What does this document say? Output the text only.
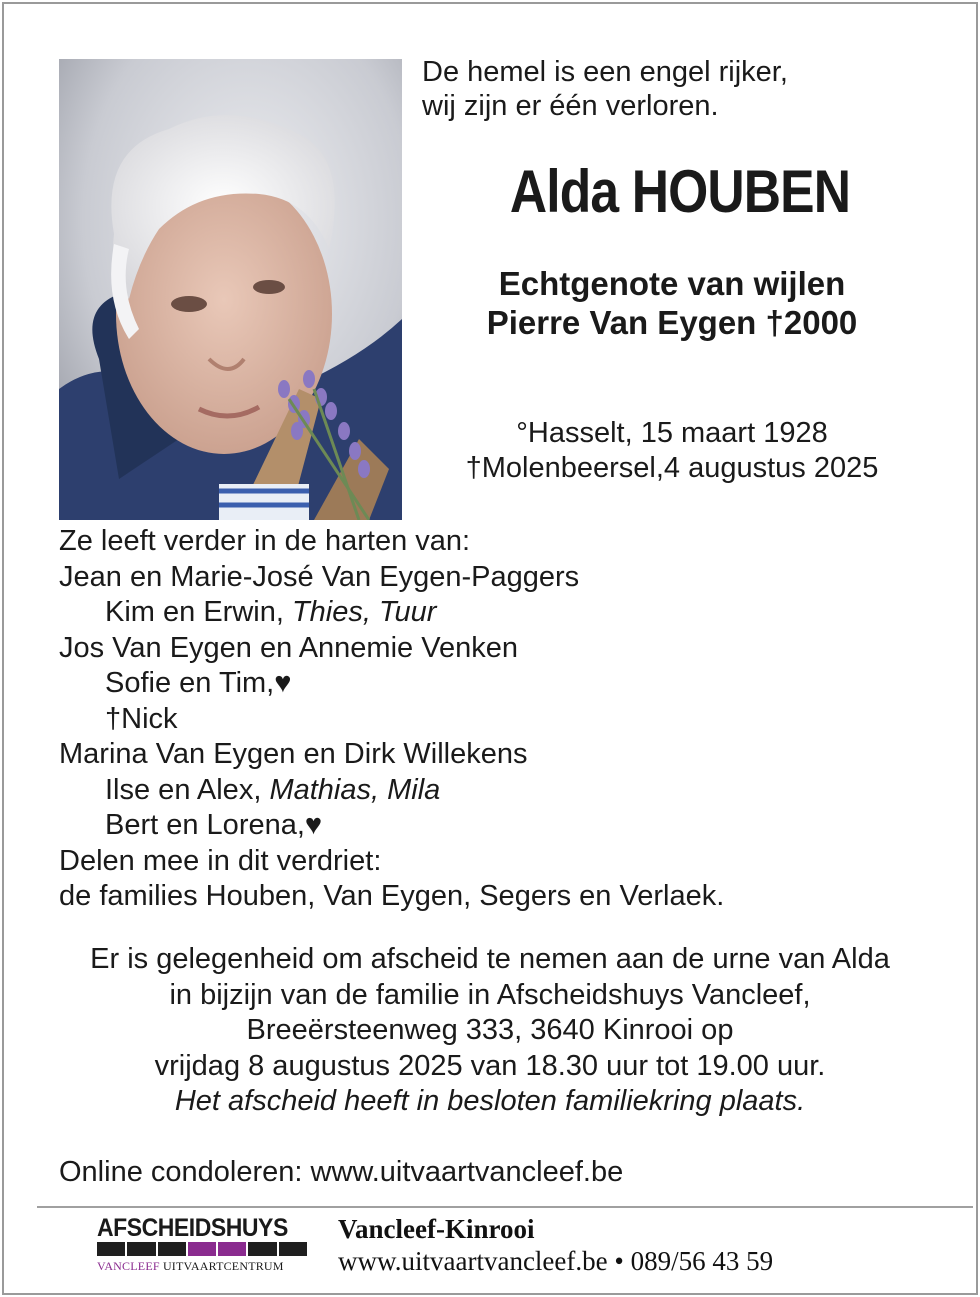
De hemel is een engel rijker,
wij zijn er één verloren.
Alda HOUBEN
Echtgenote van wijlen
Pierre Van Eygen †2000
°Hasselt, 15 maart 1928
†Molenbeersel,4 augustus 2025
Ze leeft verder in de harten van:
Jean en Marie-José Van Eygen-Paggers
Kim en Erwin, Thies, Tuur
Jos Van Eygen en Annemie Venken
Sofie en Tim,♥
†Nick
Marina Van Eygen en Dirk Willekens
Ilse en Alex, Mathias, Mila
Bert en Lorena,♥
Delen mee in dit verdriet:
de families Houben, Van Eygen, Segers en Verlaek.
Er is gelegenheid om afscheid te nemen aan de urne van Alda
in bijzijn van de familie in Afscheidshuys Vancleef,
Breeërsteenweg 333, 3640 Kinrooi op
vrijdag 8 augustus 2025 van 18.30 uur tot 19.00 uur.
Het afscheid heeft in besloten familiekring plaats.
Online condoleren: www.uitvaartvancleef.be
AFSCHEIDSHUYS
VANCLEEF UITVAARTCENTRUM
Vancleef-Kinrooi
www.uitvaartvancleef.be • 089/56 43 59
